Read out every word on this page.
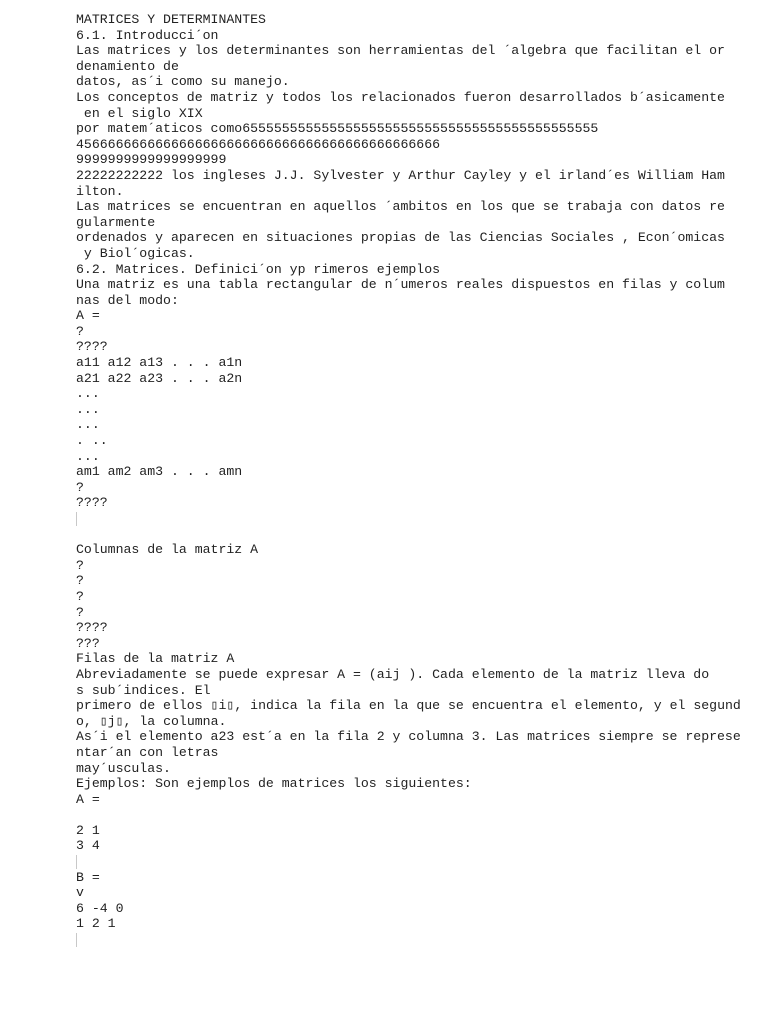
MATRICES Y DETERMINANTES
6.1. Introducci´on
Las matrices y los determinantes son herramientas del ´algebra que facilitan el or
denamiento de
datos, as´i como su manejo.
Los conceptos de matriz y todos los relacionados fueron desarrollados b´asicamente
en el siglo XIX
por matem´aticos como655555555555555555555555555555555555555555555
4566666666666666666666666666666666666666666666
9999999999999999999
22222222222 los ingleses J.J. Sylvester y Arthur Cayley y el irland´es William Ham
ilton.
Las matrices se encuentran en aquellos ´ambitos en los que se trabaja con datos re
gularmente
ordenados y aparecen en situaciones propias de las Ciencias Sociales , Econ´omicas
y Biol´ogicas.
6.2. Matrices. Definici´on yp rimeros ejemplos
Una matriz es una tabla rectangular de n´umeros reales dispuestos en filas y colum
nas del modo:
A =
?
????
a11 a12 a13 . . . a1n
a21 a22 a23 . . . a2n
...
...
...
. ..
...
am1 am2 am3 . . . amn
?
????
Columnas de la matriz A
?
?
?
?
????
???
Filas de la matriz A
Abreviadamente se puede expresar A = (aij ). Cada elemento de la matriz lleva do
s sub´indices. El
primero de ellos ▯i▯, indica la fila en la que se encuentra el elemento, y el segund
o, ▯j▯, la columna.
As´i el elemento a23 est´a en la fila 2 y columna 3. Las matrices siempre se represe
ntar´an con letras
may´usculas.
Ejemplos: Son ejemplos de matrices los siguientes:
A =
2 1
3 4
B =
v
6 -4 0
1 2 1
